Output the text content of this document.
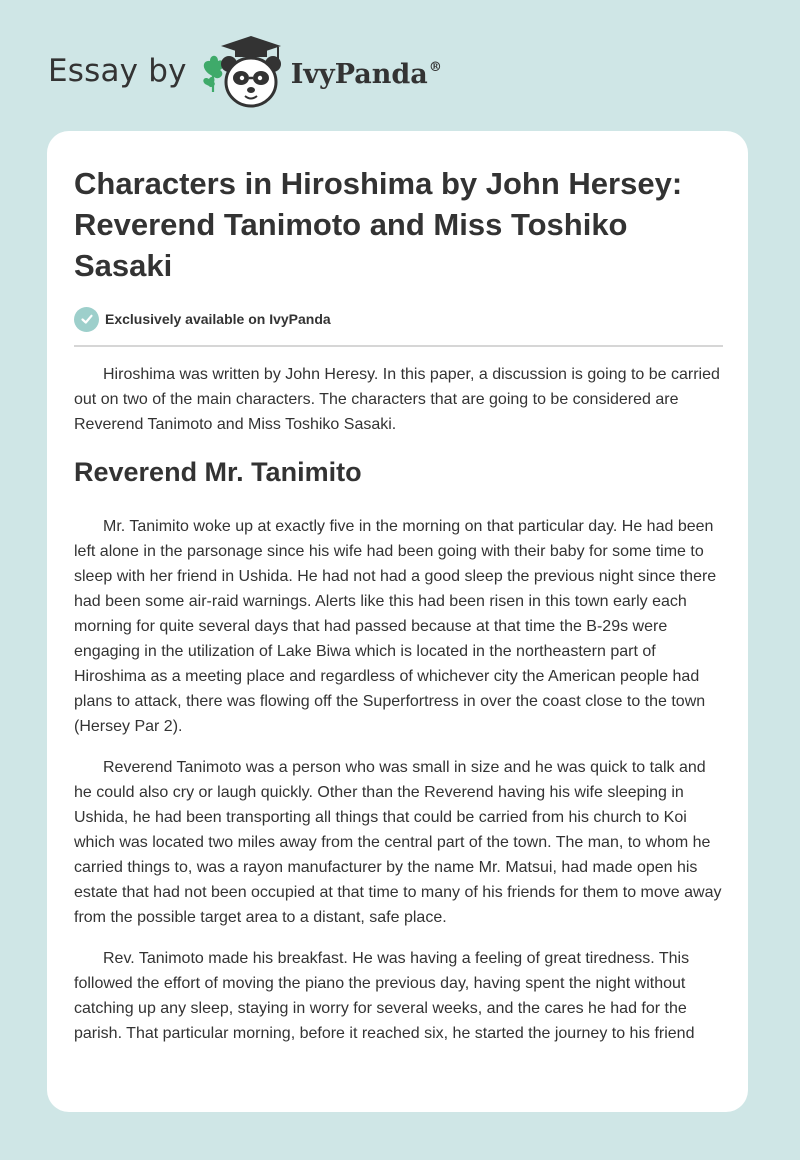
Essay by	IvyPanda®
Characters in Hiroshima by John Hersey: Reverend Tanimoto and Miss Toshiko Sasaki
Exclusively available on IvyPanda

Hiroshima was written by John Heresy. In this paper, a discussion is going to be carried out on two of the main characters. The characters that are going to be considered are Reverend Tanimoto and Miss Toshiko Sasaki.

Reverend Mr. Tanimito

Mr. Tanimito woke up at exactly five in the morning on that particular day. He had been left alone in the parsonage since his wife had been going with their baby for some time to sleep with her friend in Ushida. He had not had a good sleep the previous night since there had been some air-raid warnings. Alerts like this had been risen in this town early each morning for quite several days that had passed because at that time the B-29s were engaging in the utilization of Lake Biwa which is located in the northeastern part of Hiroshima as a meeting place and regardless of whichever city the American people had plans to attack, there was flowing off the Superfortress in over the coast close to the town (Hersey Par 2).

Reverend Tanimoto was a person who was small in size and he was quick to talk and he could also cry or laugh quickly. Other than the Reverend having his wife sleeping in Ushida, he had been transporting all things that could be carried from his church to Koi which was located two miles away from the central part of the town. The man, to whom he carried things to, was a rayon manufacturer by the name Mr. Matsui, had made open his estate that had not been occupied at that time to many of his friends for them to move away from the possible target area to a distant, safe place.

Rev. Tanimoto made his breakfast. He was having a feeling of great tiredness. This followed the effort of moving the piano the previous day, having spent the night without catching up any sleep, staying in worry for several weeks, and the cares he had for the parish. That particular morning, before it reached six, he started the journey to his friend
